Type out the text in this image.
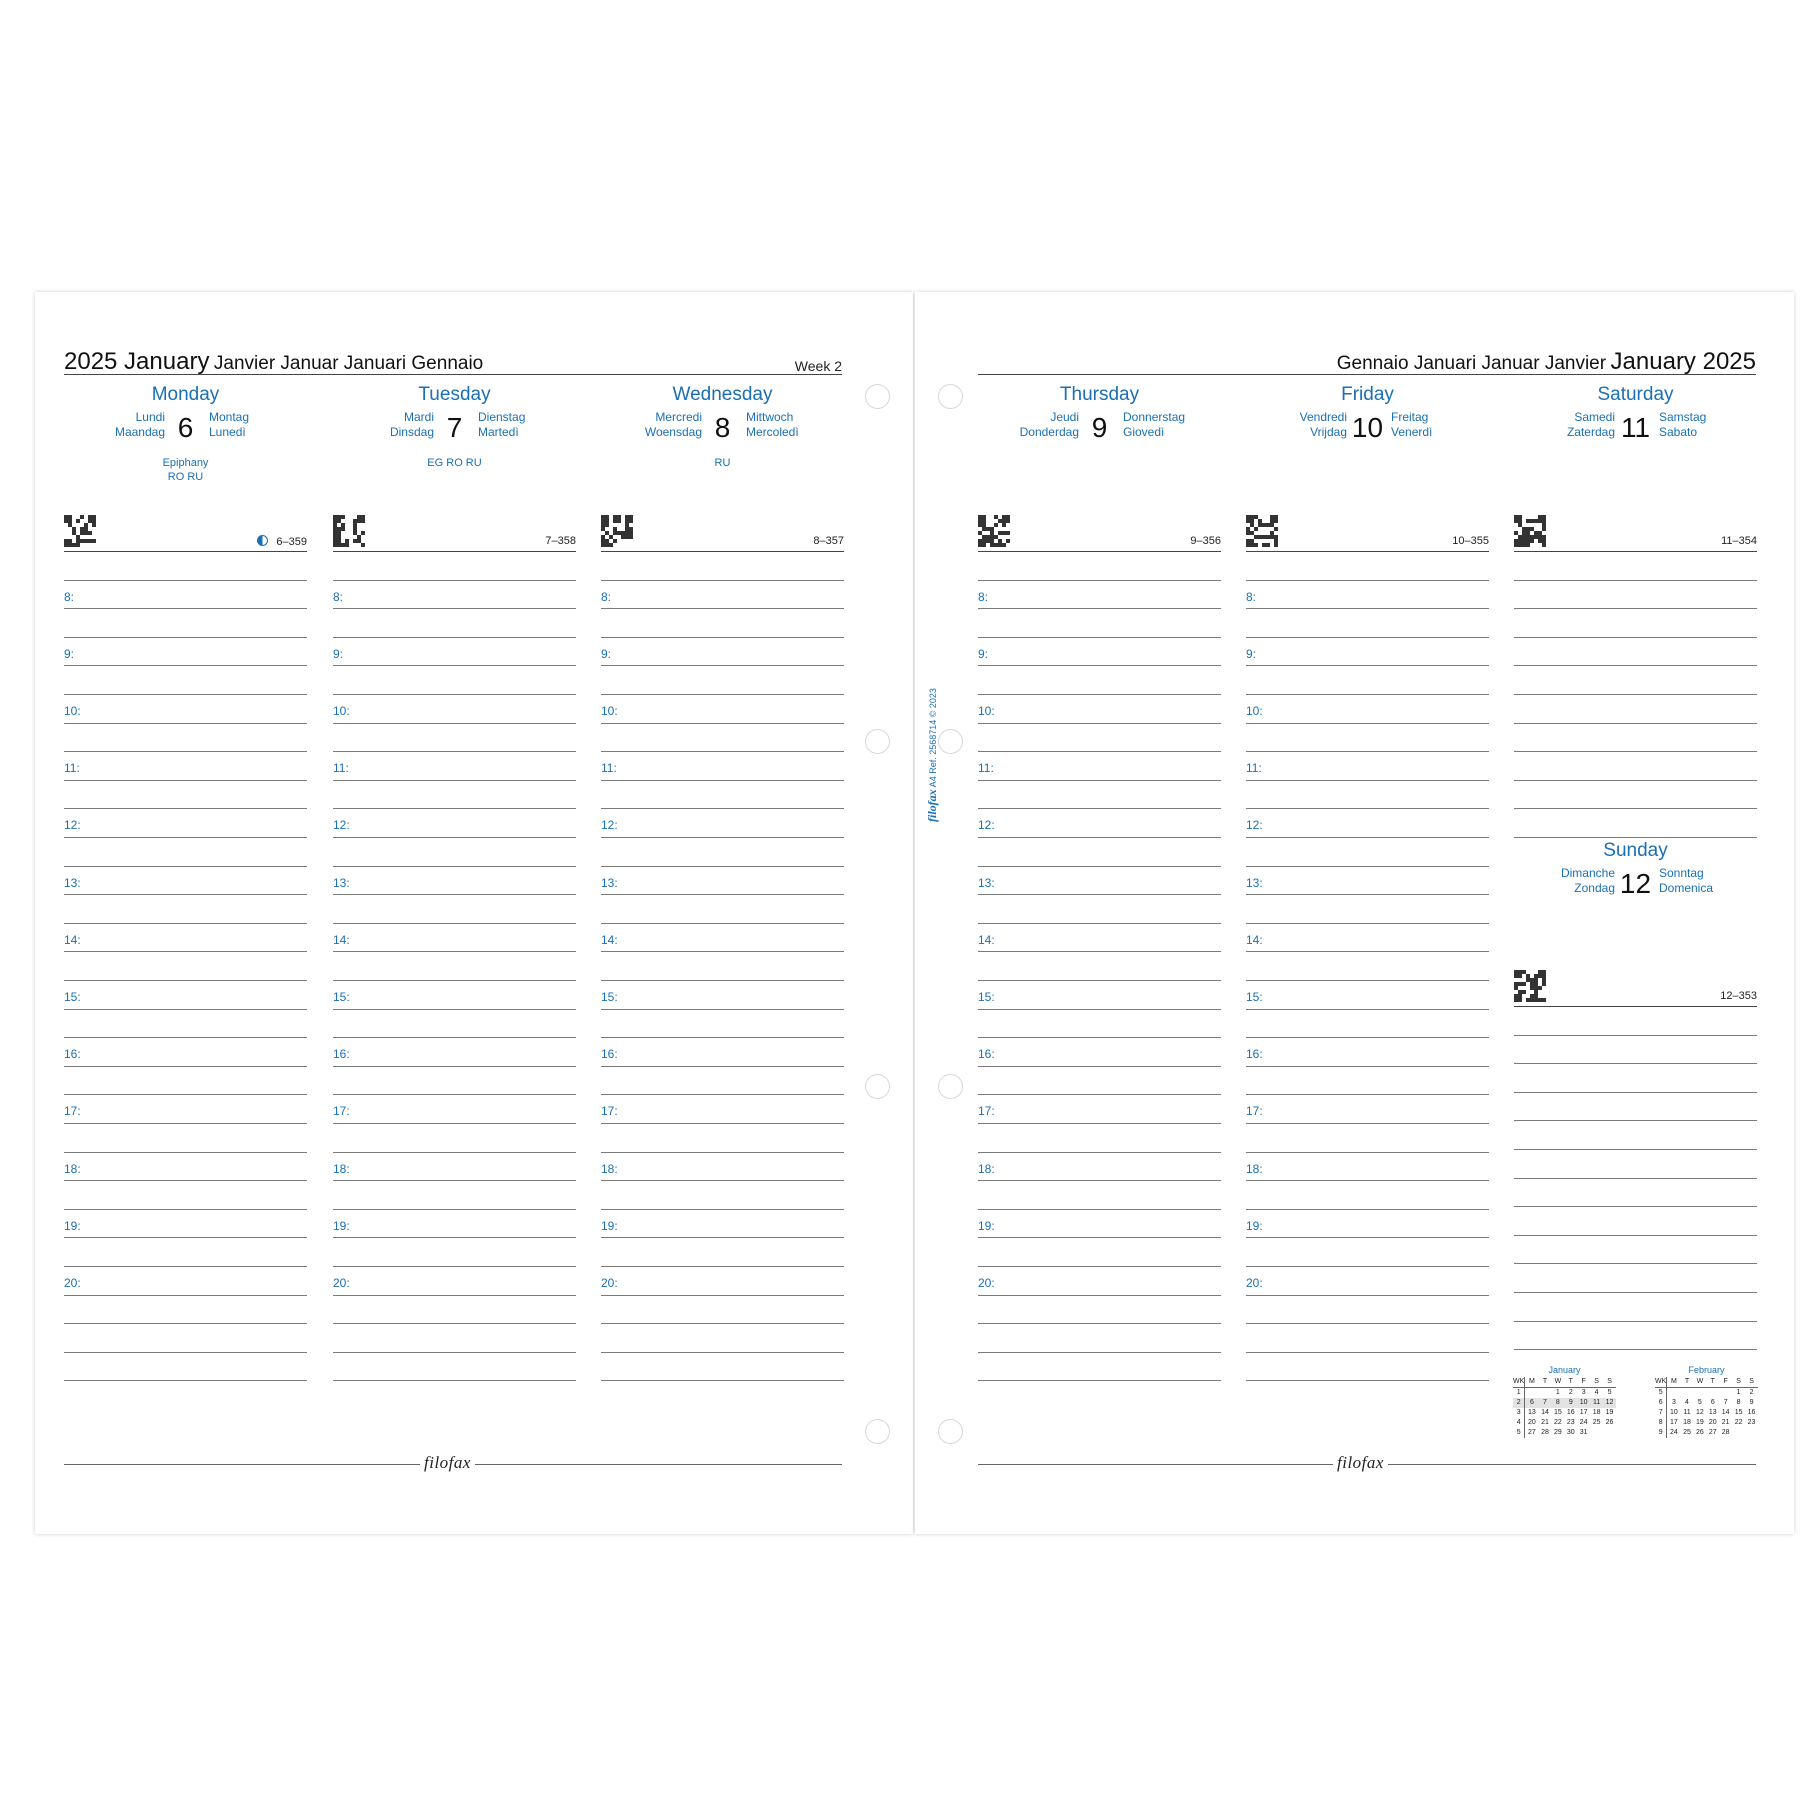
2025 January Janvier Januar Januari Gennaio	Week 2
filofax
Monday
Lundi
Maandag 6	Montag
Lunedì
Epiphany
RO RU
6–359
8:
9:
10:
11:
12:
13:
14:
15:
16:
17:
18:
19:
20:
Tuesday
Mardi
Dinsdag 7	Dienstag
Martedì
EG RO RU
7–358
8:
9:
10:
11:
12:
13:
14:
15:
16:
17:
18:
19:
20:
Wednesday
Mercredi
Woensdag 8	Mittwoch
Mercoledì
RU
8–357
8:
9:
10:
11:
12:
13:
14:
15:
16:
17:
18:
19:
20:
Gennaio Januari Januar Janvier January 2025
filofax A4 Ref. 2568714 © 2023
filofax
Thursday
Jeudi
Donderdag 9	Donnerstag
Giovedì
9–356
8:
9:
10:
11:
12:
13:
14:
15:
16:
17:
18:
19:
20:
Friday
Vendredi
Vrijdag 10 Freitag
Venerdì
10–355
8:
9:
10:
11:
12:
13:
14:
15:
16:
17:
18:
19:
20:
Saturday
Samedi
Zaterdag 11 Samstag
Sabato
11–354
Sunday
Dimanche
Zondag 12 Sonntag
Domenica
12–353
January
WK	M	T	W	T	F	S	S
1			1	2	3	4	5
2	6	7	8	9	10	11	12
3	13	14	15	16	17	18	19
4	20	21	22	23	24	25	26
5	27	28	29	30	31		
February
WK	M	T	W	T	F	S	S
5						1	2
6	3	4	5	6	7	8	9
7	10	11	12	13	14	15	16
8	17	18	19	20	21	22	23
9	24	25	26	27	28		
